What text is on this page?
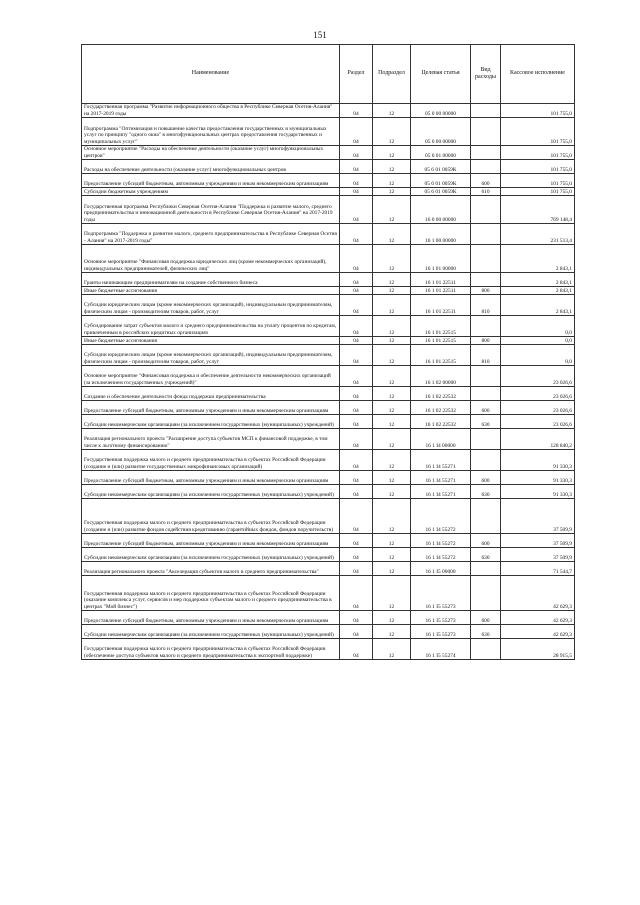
151
Наименование	Раздел	Подраздел	Целевая статья	Вид расходы	Кассовое исполнение
Государственная программа "Развитие информационного общества в Республике Северная Осетия-Алания" на 2017-2019 годы	04	12	05 0 00 00000		101 755,0
Подпрограмма "Оптимизация и повышение качества предоставления государственных и муниципальных услуг по принципу "одного окна" в многофункциональных центрах предоставления государственных и муниципальных услуг"	04	12	05 6 00 00000		101 755,0
Основное мероприятие "Расходы на обеспечение деятельности (оказание услуг) многофункциональных центров"	04	12	05 6 01 00000		101 755,0
Расходы на обеспечение деятельности (оказание услуг) многофункциональных центров	04	12	05 6 01 0059К		101 755,0
Предоставление субсидий бюджетным, автономным учреждениям и иным некоммерческим организациям	04	12	05 6 01 0059К	600	101 755,0
Субсидии бюджетным учреждениям	04	12	05 6 01 0059К	610	101 755,0
Государственная программа Республики Северная Осетия-Алания "Поддержка и развитие малого, среднего предпринимательства и инновационной деятельности в Республике Северная Осетия-Алания" на 2017-2019 годы	04	12	16 0 00 00000		769 148,4
Подпрограмма "Поддержка и развитие малого, среднего предпринимательства в Республике Северная Осетия - Алания" на 2017-2019 годы"	04	12	16 1 00 00000		231 513,4
Основное мероприятие "Финансовая поддержка юридических лиц (кроме некоммерческих организаций), индивидуальных предпринимателей, физических лиц"	04	12	16 1 01 00000		2 843,1
Гранты начинающим предпринимателям на создание собственного бизнеса	04	12	16 1 01 22511		2 843,1
Иные бюджетные ассигнования	04	12	16 1 01 22511	800	2 843,1
Субсидии юридическим лицам (кроме некоммерческих организаций), индивидуальным предпринимателям, физическим лицам - производителям товаров, работ, услуг	04	12	16 1 01 22511	810	2 843,1
Субсидирование затрат субъектов малого и среднего предпринимательства на уплату процентов по кредитам, привлеченным в российских кредитных организациях	04	12	16 1 01 22515		0,0
Иные бюджетные ассигнования	04	12	16 1 01 22515	800	0,0
Субсидии юридическим лицам (кроме некоммерческих организаций), индивидуальным предпринимателям, физическим лицам - производителям товаров, работ, услуг	04	12	16 1 01 22515	810	0,0
Основное мероприятие "Финансовая поддержка и обеспечение деятельности некоммерческих организаций (за исключением государственных учреждений)"	04	12	16 1 02 00000		23 026,6
Создание и обеспечение деятельности фонда поддержки предпринимательства	04	12	16 1 02 22532		23 026,6
Предоставление субсидий бюджетным, автономным учреждениям и иным некоммерческим организациям	04	12	16 1 02 22532	600	23 026,6
Субсидии некоммерческим организациям (за исключением государственных (муниципальных) учреждений)	04	12	16 1 02 22532	630	23 026,6
Реализация регионального проекта "Расширение доступа субъектов МСП к финансовой поддержке, в том числе к льготному финансированию"	04	12	16 1 I4 00000		128 840,2
Государственная поддержка малого и среднего предпринимательства в субъектах Российской Федерации (создание и (или) развитие государственных микрофинансовых организаций)	04	12	16 1 I4 55271		91 330,3
Предоставление субсидий бюджетным, автономным учреждениям и иным некоммерческим организациям	04	12	16 1 I4 55271	600	91 330,3
Субсидии некоммерческим организациям (за исключением государственных (муниципальных) учреждений)	04	12	16 1 I4 55271	630	91 330,3
Государственная поддержка малого и среднего предпринимательства в субъектах Российской Федерации (создание и (или) развитие фондов содействия кредитованию (гарантийных фондов, фондов поручительств)	04	12	16 1 I4 55272		37 509,9
Предоставление субсидий бюджетным, автономным учреждениям и иным некоммерческим организациям	04	12	16 1 I4 55272	600	37 509,9
Субсидии некоммерческим организациям (за исключением государственных (муниципальных) учреждений)	04	12	16 1 I4 55272	630	37 509,9
Реализация регионального проекта "Акселерация субъектов малого и среднего предпринимательства"	04	12	16 1 I5 00000		71 544,7
Государственная поддержка малого и среднего предпринимательства в субъектах Российской Федерации (оказание комплекса услуг, сервисов и мер поддержки субъектам малого и среднего предпринимательства в центрах "Мой бизнес")	04	12	16 1 I5 55273		42 629,3
Предоставление субсидий бюджетным, автономным учреждениям и иным некоммерческим организациям	04	12	16 1 I5 55273	600	42 629,3
Субсидии некоммерческим организациям (за исключением государственных (муниципальных) учреждений)	04	12	16 1 I5 55273	630	42 629,3
Государственная поддержка малого и среднего предпринимательства в субъектах Российской Федерации (обеспечение доступа субъектов малого и среднего предпринимательства к экспортной поддержке)	04	12	16 1 I5 55274		28 915,5
